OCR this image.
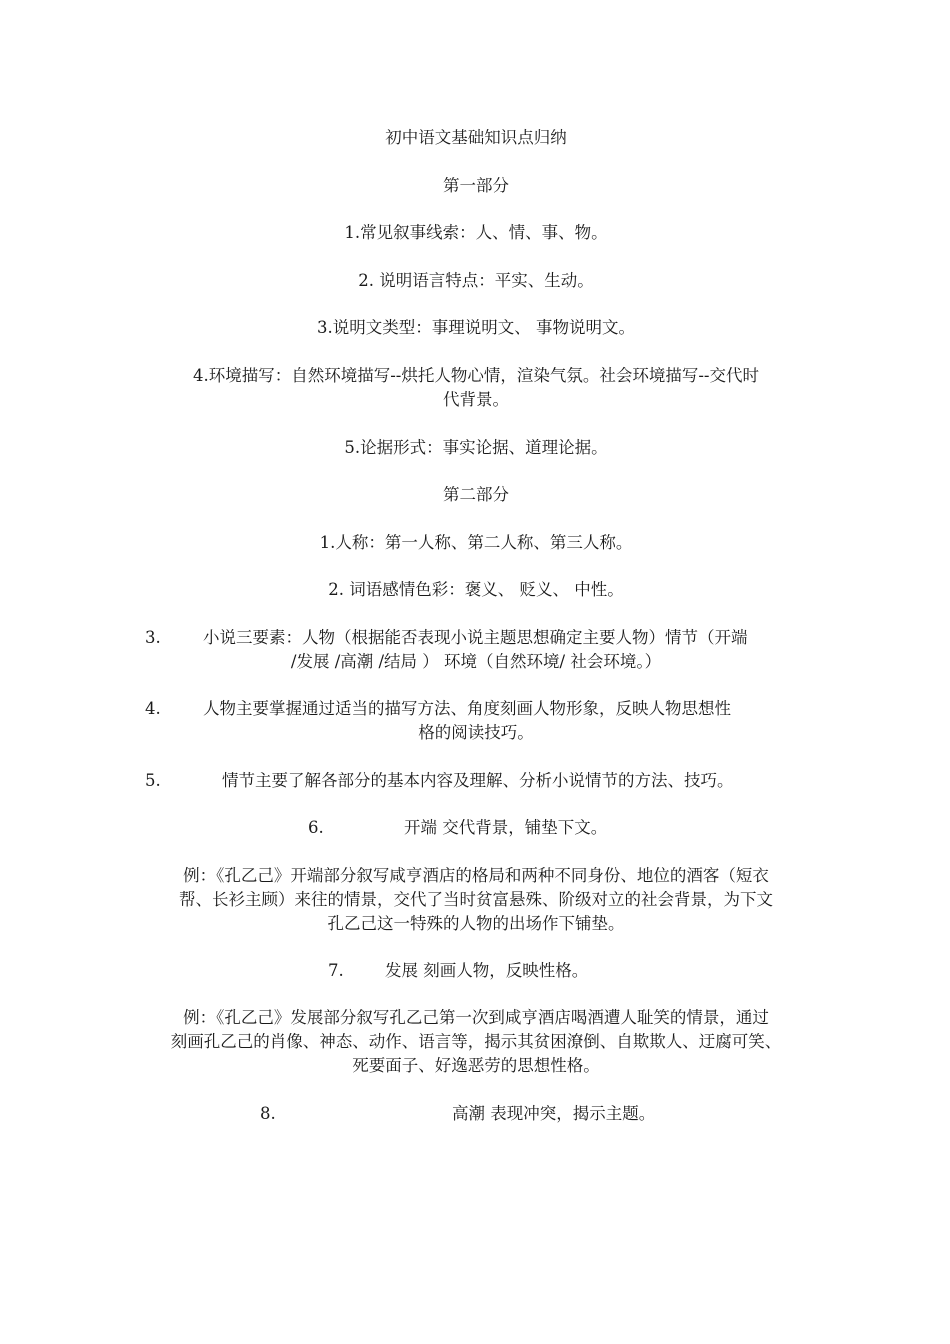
初中语文基础知识点归纳
第一部分
1.常见叙事线索：人、情、事、物。
2. 说明语言特点：平实、生动。
3.说明文类型：事理说明文、 事物说明文。
4.环境描写：自然环境描写--烘托人物心情，渲染气氛。社会环境描写--交代时
代背景。
5.论据形式：事实论据、道理论据。
第二部分
1.人称：第一人称、第二人称、第三人称。
2. 词语感情色彩：褒义、 贬义、 中性。
3.	小说三要素：人物（根据能否表现小说主题思想确定主要人物）情节（开端
/发展 /高潮 /结局 ） 环境（自然环境/ 社会环境。）
4.	人物主要掌握通过适当的描写方法、角度刻画人物形象，反映人物思想性
格的阅读技巧。
5.	情节主要了解各部分的基本内容及理解、分析小说情节的方法、技巧。
6.	开端 交代背景，铺垫下文。
例：《孔乙己》开端部分叙写咸亨酒店的格局和两种不同身份、地位的酒客（短衣
帮、长衫主顾）来往的情景，交代了当时贫富悬殊、阶级对立的社会背景，为下文
孔乙己这一特殊的人物的出场作下铺垫。
7.	发展 刻画人物，反映性格。
例：《孔乙己》发展部分叙写孔乙己第一次到咸亨酒店喝酒遭人耻笑的情景，通过
刻画孔乙己的肖像、神态、动作、语言等，揭示其贫困潦倒、自欺欺人、迂腐可笑、
死要面子、好逸恶劳的思想性格。
8.	高潮 表现冲突，揭示主题。
